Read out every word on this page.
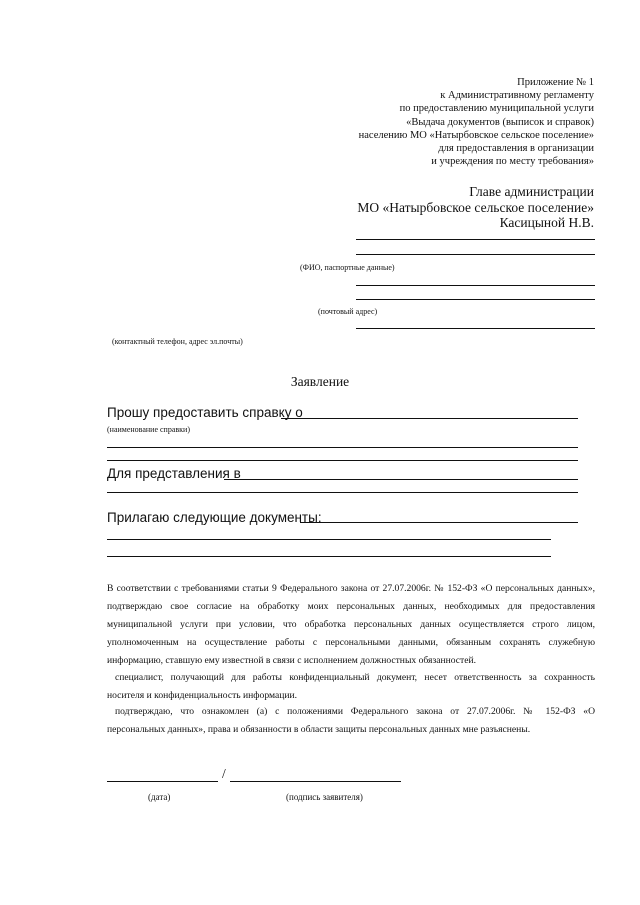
Приложение № 1
к Административному регламенту
по предоставлению муниципальной услуги
«Выдача документов (выписок и справок)
населению МО «Натырбовское сельское поселение»
для предоставления в организации
и учреждения по месту требования»
Главе администрации
МО «Натырбовское сельское поселение»
Касицыной Н.В.
(ФИО, паспортные данные)
(почтовый адрес)
(контактный телефон, адрес эл.почты)
Заявление
Прошу предоставить справку о
(наименование справки)
Для представления в
Прилагаю следующие документы:
В соответствии с требованиями статьи 9 Федерального закона от 27.07.2006г. № 152-ФЗ «О персональных данных»,
подтверждаю свое согласие на обработку моих персональных данных, необходимых для предоставления
муниципальной услуги при условии, что обработка персональных данных осуществляется строго лицом,
уполномоченным на осуществление работы с персональными данными, обязанным сохранять служебную
информацию, ставшую ему известной в связи с исполнением должностных обязанностей.
специалист, получающий для работы конфиденциальный документ, несет ответственность за сохранность
носителя и конфиденциальность информации.
подтверждаю, что ознакомлен (а) с положениями Федерального закона от 27.07.2006г. № 152-ФЗ «О
персональных данных», права и обязанности в области защиты персональных данных мне разъяснены.
/
(дата)	(подпись заявителя)
